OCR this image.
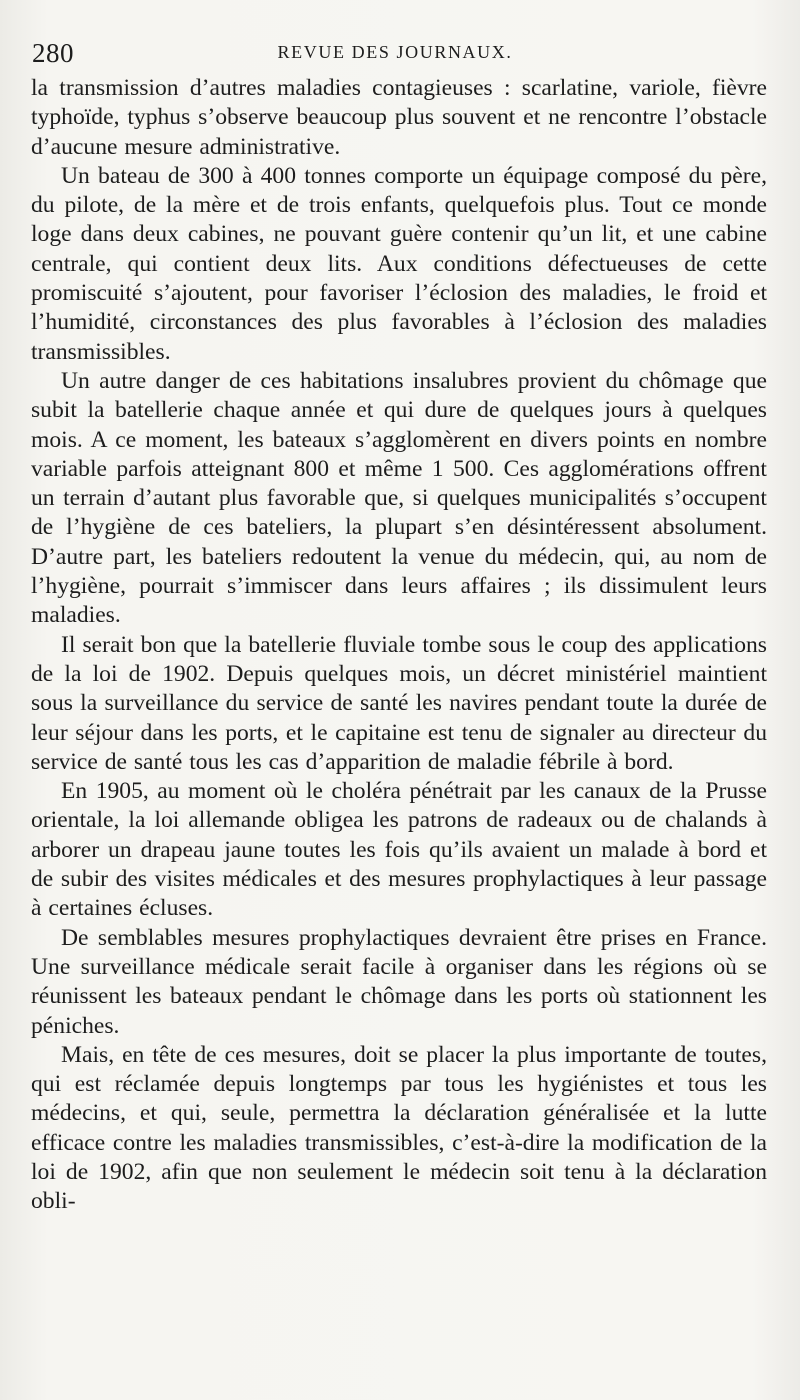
280	REVUE DES JOURNAUX.

la transmission d’autres maladies contagieuses : scarlatine, variole, fièvre typhoïde, typhus s’observe beaucoup plus souvent et ne rencontre l’obstacle d’aucune mesure administrative.

Un bateau de 300 à 400 tonnes comporte un équipage composé du père, du pilote, de la mère et de trois enfants, quelquefois plus. Tout ce monde loge dans deux cabines, ne pouvant guère contenir qu’un lit, et une cabine centrale, qui contient deux lits. Aux conditions défectueuses de cette promiscuité s’ajoutent, pour favoriser l’éclosion des maladies, le froid et l’humidité, circonstances des plus favorables à l’éclosion des maladies transmissibles.

Un autre danger de ces habitations insalubres provient du chômage que subit la batellerie chaque année et qui dure de quelques jours à quelques mois. A ce moment, les bateaux s’agglomèrent en divers points en nombre variable parfois atteignant 800 et même 1 500. Ces agglomérations offrent un terrain d’autant plus favorable que, si quelques municipalités s’occupent de l’hygiène de ces bateliers, la plupart s’en désintéressent absolument. D’autre part, les bateliers redoutent la venue du médecin, qui, au nom de l’hygiène, pourrait s’immiscer dans leurs affaires ; ils dissimulent leurs maladies.

Il serait bon que la batellerie fluviale tombe sous le coup des applications de la loi de 1902. Depuis quelques mois, un décret ministériel maintient sous la surveillance du service de santé les navires pendant toute la durée de leur séjour dans les ports, et le capitaine est tenu de signaler au directeur du service de santé tous les cas d’apparition de maladie fébrile à bord.

En 1905, au moment où le choléra pénétrait par les canaux de la Prusse orientale, la loi allemande obligea les patrons de radeaux ou de chalands à arborer un drapeau jaune toutes les fois qu’ils avaient un malade à bord et de subir des visites médicales et des mesures prophylactiques à leur passage à certaines écluses.

De semblables mesures prophylactiques devraient être prises en France. Une surveillance médicale serait facile à organiser dans les régions où se réunissent les bateaux pendant le chômage dans les ports où stationnent les péniches.

Mais, en tête de ces mesures, doit se placer la plus importante de toutes, qui est réclamée depuis longtemps par tous les hygiénistes et tous les médecins, et qui, seule, permettra la déclaration généralisée et la lutte efficace contre les maladies transmissibles, c’est-à-dire la modification de la loi de 1902, afin que non seulement le médecin soit tenu à la déclaration obli-
